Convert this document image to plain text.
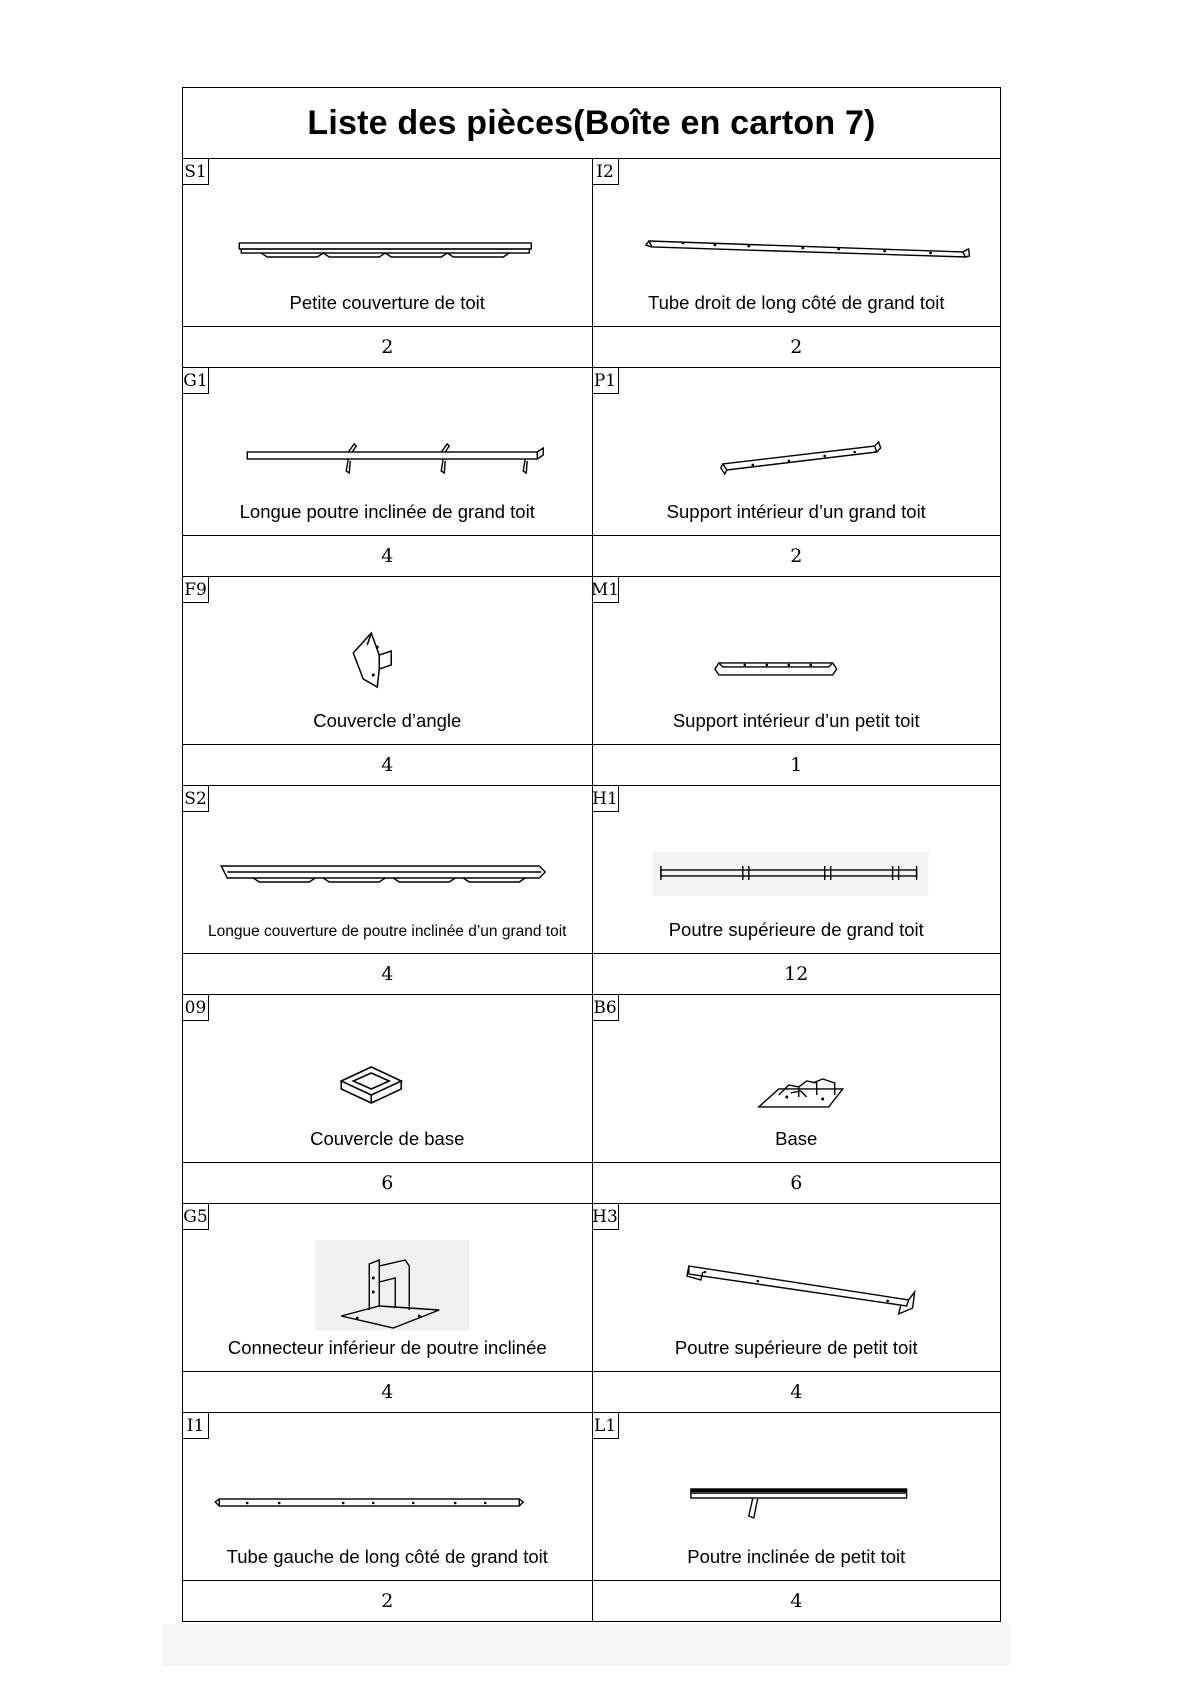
Liste des pièces(Boîte en carton 7)
S1
Petite couverture de toit
2
I2
Tube droit de long côté de grand toit
2
G1
Longue poutre inclinée de grand toit
4
P1
Support intérieur d’un grand toit
2
F9
Couvercle d’angle
4
M1
Support intérieur d’un petit toit
1
S2
Longue couverture de poutre inclinée d’un grand toit
4
H1
Poutre supérieure de grand toit
12
09
Couvercle de base
6
B6
Base
6
G5
Connecteur inférieur de poutre inclinée
4
H3
Poutre supérieure de petit toit
4
I1
Tube gauche de long côté de grand toit
2
L1
Poutre inclinée de petit toit
4
